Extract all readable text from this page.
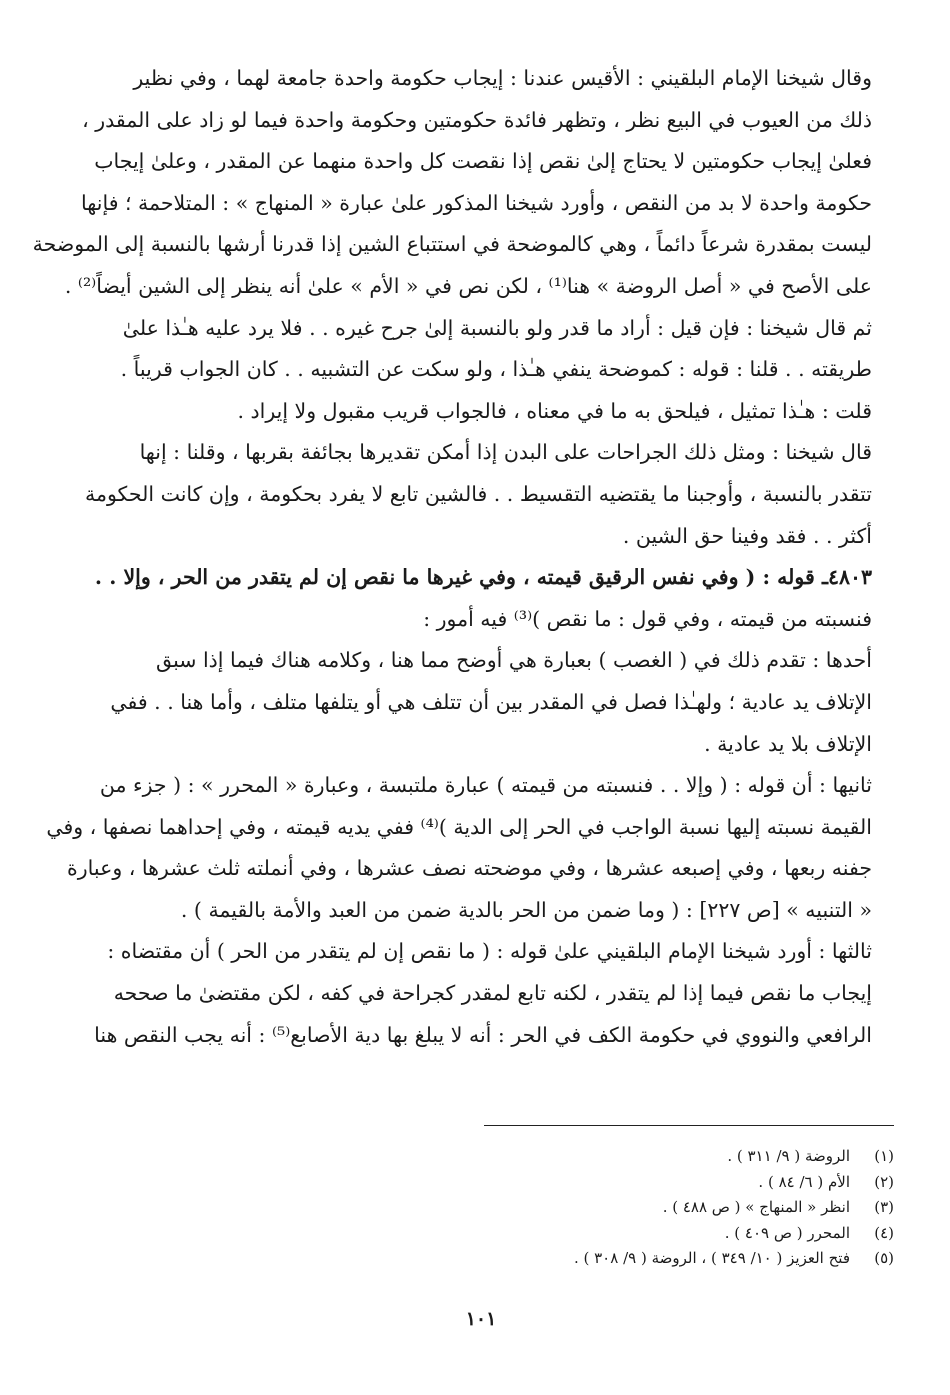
وقال شيخنا الإمام البلقيني : الأقيس عندنا : إيجاب حكومة واحدة جامعة لهما ، وفي نظير
ذلك من العيوب في البيع نظر ، وتظهر فائدة حكومتين وحكومة واحدة فيما لو زاد على المقدر ،
فعلىٰ إيجاب حكومتين لا يحتاج إلىٰ نقص إذا نقصت كل واحدة منهما عن المقدر ، وعلىٰ إيجاب
حكومة واحدة لا بد من النقص ، وأورد شيخنا المذكور علىٰ عبارة « المنهاج » : المتلاحمة ؛ فإنها
ليست بمقدرة شرعاً دائماً ، وهي كالموضحة في استتباع الشين إذا قدرنا أرشها بالنسبة إلى الموضحة
على الأصح في « أصل الروضة » هنا⁽¹⁾ ، لكن نص في « الأم » علىٰ أنه ينظر إلى الشين أيضاً⁽²⁾ .

ثم قال شيخنا : فإن قيل : أراد ما قدر ولو بالنسبة إلىٰ جرح غيره . . فلا يرد عليه هـٰذا علىٰ
طريقته . . قلنا : قوله : كموضحة ينفي هـٰذا ، ولو سكت عن التشبيه . . كان الجواب قريباً .

قلت : هـٰذا تمثيل ، فيلحق به ما في معناه ، فالجواب قريب مقبول ولا إيراد .

قال شيخنا : ومثل ذلك الجراحات على البدن إذا أمكن تقديرها بجائفة بقربها ، وقلنا : إنها
تتقدر بالنسبة ، وأوجبنا ما يقتضيه التقسيط . . فالشين تابع لا يفرد بحكومة ، وإن كانت الحكومة
أكثر . . فقد وفينا حق الشين .

٤٨٠٣ـ قوله : ( وفي نفس الرقيق قيمته ، وفي غيرها ما نقص إن لم يتقدر من الحر ، وإلا . .
فنسبته من قيمته ، وفي قول : ما نقص )⁽³⁾ فيه أمور :

أحدها : تقدم ذلك في ( الغصب ) بعبارة هي أوضح مما هنا ، وكلامه هناك فيما إذا سبق
الإتلاف يد عادية ؛ ولهـٰذا فصل في المقدر بين أن تتلف هي أو يتلفها متلف ، وأما هنا . . ففي
الإتلاف بلا يد عادية .

ثانيها : أن قوله : ( وإلا . . فنسبته من قيمته ) عبارة ملتبسة ، وعبارة « المحرر » : ( جزء من
القيمة نسبته إليها نسبة الواجب في الحر إلى الدية )⁽⁴⁾ ففي يديه قيمته ، وفي إحداهما نصفها ، وفي
جفنه ربعها ، وفي إصبعه عشرها ، وفي موضحته نصف عشرها ، وفي أنملته ثلث عشرها ، وعبارة
« التنبيه » [ص ٢٢٧] : ( وما ضمن من الحر بالدية ضمن من العبد والأمة بالقيمة ) .

ثالثها : أورد شيخنا الإمام البلقيني علىٰ قوله : ( ما نقص إن لم يتقدر من الحر ) أن مقتضاه :
إيجاب ما نقص فيما إذا لم يتقدر ، لكنه تابع لمقدر كجراحة في كفه ، لكن مقتضىٰ ما صححه
الرافعي والنووي في حكومة الكف في الحر : أنه لا يبلغ بها دية الأصابع⁽⁵⁾ : أنه يجب النقص هنا

(١)الروضة ( ٩/ ٣١١ ) .
(٢)الأم ( ٦/ ٨٤ ) .
(٣)انظر « المنهاج » ( ص ٤٨٨ ) .
(٤)المحرر ( ص ٤٠٩ ) .
(٥)فتح العزيز ( ١٠/ ٣٤٩ ) ، الروضة ( ٩/ ٣٠٨ ) .
١٠١
